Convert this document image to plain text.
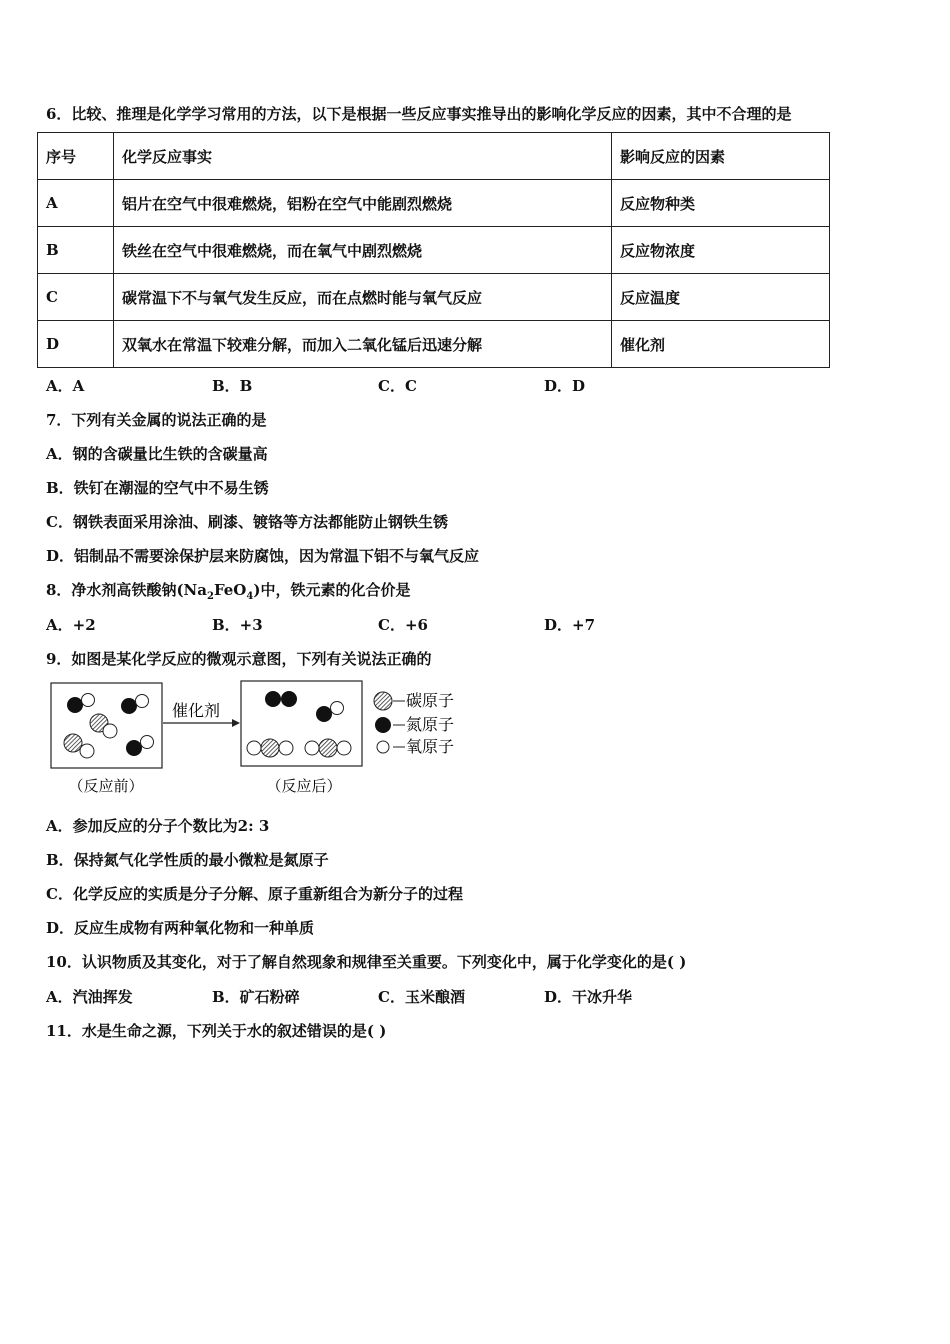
6．比较、推理是化学学习常用的方法，以下是根据一些反应事实推导出的影响化学反应的因素，其中不合理的是
序号	化学反应事实	影响反应的因素
A	铝片在空气中很难燃烧，铝粉在空气中能剧烈燃烧	反应物种类
B	铁丝在空气中很难燃烧，而在氧气中剧烈燃烧	反应物浓度
C	碳常温下不与氧气发生反应，而在点燃时能与氧气反应	反应温度
D	双氧水在常温下较难分解，而加入二氧化锰后迅速分解	催化剂
A．A	B．B	C．C	D．D
7．下列有关金属的说法正确的是
A．钢的含碳量比生铁的含碳量高
B．铁钉在潮湿的空气中不易生锈
C．钢铁表面采用涂油、刷漆、镀铬等方法都能防止钢铁生锈
D．铝制品不需要涂保护层来防腐蚀，因为常温下铝不与氧气反应
8．净水剂高铁酸钠$(Na_2FeO_4)$中，铁元素的化合价是
A．+2	B．+3	C．+6	D．+7
9．如图是某化学反应的微观示意图，下列有关说法正确的
催化剂
（反应前）	（反应后）
碳原子
氮原子
氧原子
A．参加反应的分子个数比为2: 3
B．保持氮气化学性质的最小微粒是氮原子
C．化学反应的实质是分子分解、原子重新组合为新分子的过程
D．反应生成物有两种氧化物和一种单质
10．认识物质及其变化，对于了解自然现象和规律至关重要。下列变化中，属于化学变化的是( )
A．汽油挥发	B．矿石粉碎	C．玉米酿酒	D．干冰升华
11．水是生命之源，下列关于水的叙述错误的是( )
